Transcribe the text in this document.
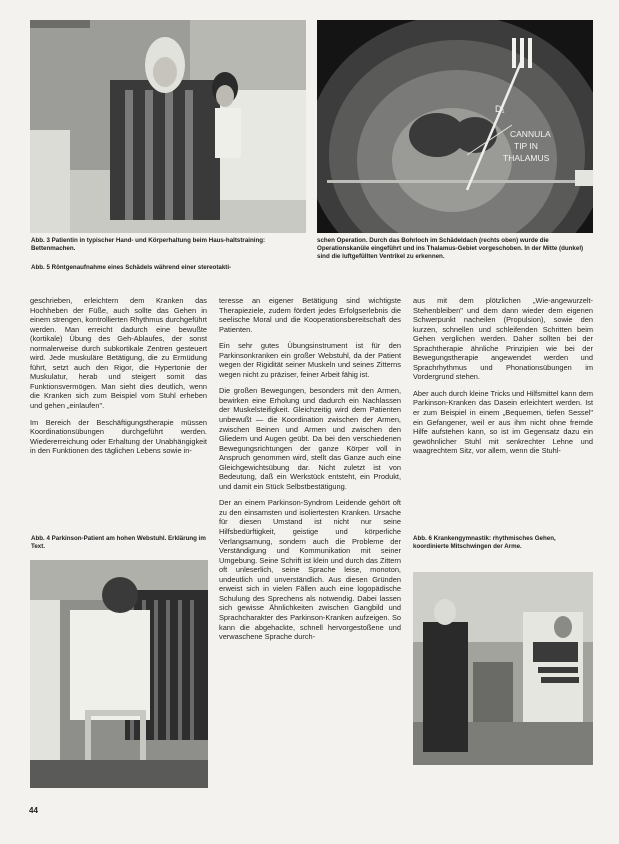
D₁
CANNULA
TIP IN
THALAMUS
Abb. 3 Patientin in typischer Hand- und Körperhaltung beim Haus-haltstraining: Bettenmachen.
Abb. 5 Röntgenaufnahme eines Schädels während einer stereotakti-
schen Operation. Durch das Bohrloch im Schädeldach (rechts oben) wurde die Operationskanüle eingeführt und ins Thalamus-Gebiet vorgeschoben. In der Mitte (dunkel) sind die luftgefüllten Ventrikel zu erkennen.

geschrieben, erleichtern dem Kranken das Hochheben der Füße, auch sollte das Gehen in einem strengen, kontrollierten Rhythmus durchgeführt werden. Man erreicht dadurch eine bewußte (kortikale) Übung des Geh-Ablaufes, der sonst normalerweise durch subkortikale Zentren gesteuert wird. Jede muskuläre Betätigung, die zu Ermüdung führt, setzt auch den Rigor, die Hypertonie der Muskulatur, herab und steigert somit das Funktionsvermögen. Man sieht dies deutlich, wenn die Kranken sich zum Beispiel vom Stuhl erheben und gehen „einlaufen".

Im Bereich der Beschäftigungstherapie müssen Koordinationsübungen durchgeführt werden. Wiedererreichung oder Erhaltung der Unabhängigkeit in den Funktionen des täglichen Lebens sowie in-

teresse an eigener Betätigung sind wichtigste Therapieziele, zudem fördert jedes Erfolgserlebnis die seelische Moral und die Kooperationsbereitschaft des Patienten.

Ein sehr gutes Übungsinstrument ist für den Parkinsonkranken ein großer Webstuhl, da der Patient wegen der Rigidität seiner Muskeln und seines Zitterns wegen nicht zu präziser, feiner Arbeit fähig ist.

Die großen Bewegungen, besonders mit den Armen, bewirken eine Erholung und dadurch ein Nachlassen der Muskelsteifigkeit. Gleichzeitig wird dem Patienten unbewußt — die Koordination zwischen der Armen, zwischen Beinen und Armen und zwischen den Gliedern und Augen geübt. Da bei den verschiedenen Bewegungsrichtungen der ganze Körper voll in Anspruch genommen wird, stellt das Ganze auch eine Gleichgewichtsübung dar. Nicht zuletzt ist von Bedeutung, daß ein Werkstück entsteht, ein Produkt, und damit ein Stück Selbstbestätigung.

Der an einem Parkinson-Syndrom Leidende gehört oft zu den einsamsten und isoliertesten Kranken. Ursache für diesen Umstand ist nicht nur seine Hilfsbedürftigkeit, geistige und körperliche Verlangsamung, sondern auch die Probleme der Verständigung und Kommunikation mit seiner Umgebung. Seine Schrift ist klein und durch das Zittern oft unleserlich, seine Sprache leise, monoton, undeutlich und unverständlich. Aus diesen Gründen erweist sich in vielen Fällen auch eine logopädische Schulung des Sprechens als notwendig. Dabei lassen sich gewisse Ähnlichkeiten zwischen Gangbild und Sprachcharakter des Parkinson-Kranken aufzeigen. So kann die abgehackte, schnell hervorgestoßene und verwaschene Sprache durch-

aus mit dem plötzlichen „Wie-angewurzelt-Stehenbleiben" und dem dann wieder dem eigenen Schwerpunkt nacheilen (Propulsion), sowie den kurzen, schnellen und schleifenden Schritten beim Gehen verglichen werden. Daher sollten bei der Sprachtherapie ähnliche Prinzipien wie bei der Bewegungstherapie angewendet werden und Sprachrhythmus und Phonationsübungen im Vordergrund stehen.

Aber auch durch kleine Tricks und Hilfsmittel kann dem Parkinson-Kranken das Dasein erleichtert werden. Ist er zum Beispiel in einem „Bequemen, tiefen Sessel" ein Gefangener, weil er aus ihm nicht ohne fremde Hilfe aufstehen kann, so ist im Gegensatz dazu ein gewöhnlicher Stuhl mit senkrechter Lehne und waagrechtem Sitz, vor allem, wenn die Stuhl-

Abb. 4 Parkinson-Patient am hohen Webstuhl. Erklärung im Text.
Abb. 6 Krankengymnastik: rhythmisches Gehen, koordinierte Mitschwingen der Arme.
44
